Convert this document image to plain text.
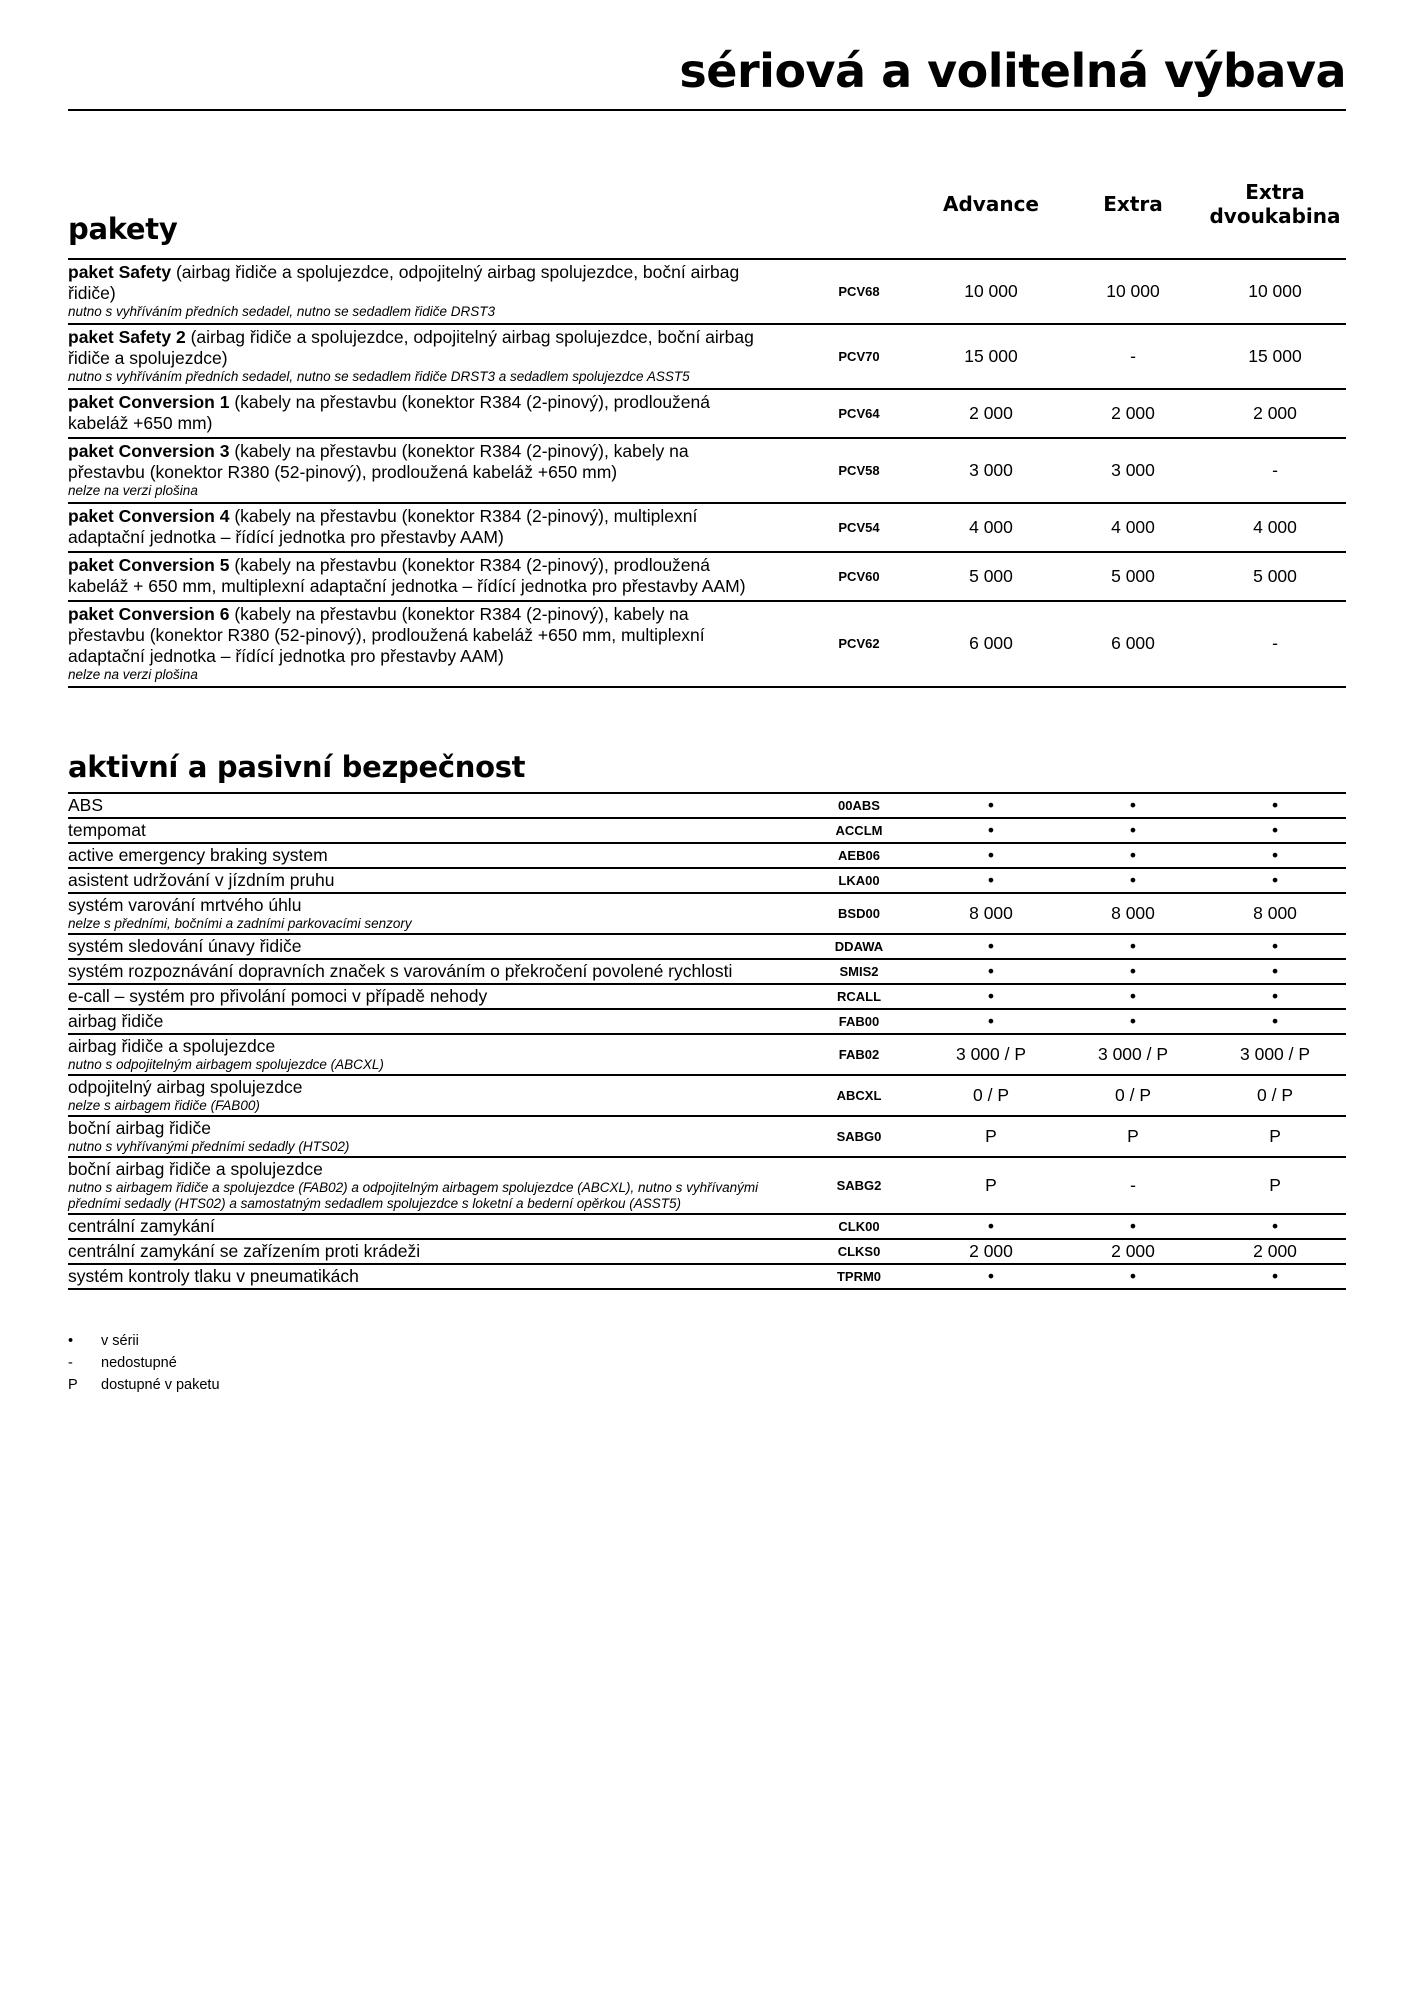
sériová a volitelná výbava
pakety		Advance	Extra	Extra
dvoukabina
paket Safety (airbag řidiče a spolujezdce, odpojitelný airbag spolujezdce, boční airbag řidiče)
nutno s vyhříváním předních sedadel, nutno se sedadlem řidiče DRST3	PCV68	10 000	10 000	10 000
paket Safety 2 (airbag řidiče a spolujezdce, odpojitelný airbag spolujezdce, boční airbag řidiče a spolujezdce)
nutno s vyhříváním předních sedadel, nutno se sedadlem řidiče DRST3 a sedadlem spolujezdce ASST5	PCV70	15 000	-	15 000
paket Conversion 1 (kabely na přestavbu (konektor R384 (2-pinový), prodloužená kabeláž +650 mm)	PCV64	2 000	2 000	2 000
paket Conversion 3 (kabely na přestavbu (konektor R384 (2-pinový), kabely na přestavbu (konektor R380 (52-pinový), prodloužená kabeláž +650 mm)
nelze na verzi plošina	PCV58	3 000	3 000	-
paket Conversion 4 (kabely na přestavbu (konektor R384 (2-pinový), multiplexní adaptační jednotka – řídící jednotka pro přestavby AAM)	PCV54	4 000	4 000	4 000
paket Conversion 5 (kabely na přestavbu (konektor R384 (2-pinový), prodloužená kabeláž + 650 mm, multiplexní adaptační jednotka – řídící jednotka pro přestavby AAM)	PCV60	5 000	5 000	5 000
paket Conversion 6 (kabely na přestavbu (konektor R384 (2-pinový), kabely na přestavbu (konektor R380 (52-pinový), prodloužená kabeláž +650 mm, multiplexní adaptační jednotka – řídící jednotka pro přestavby AAM)
nelze na verzi plošina	PCV62	6 000	6 000	-
aktivní a pasivní bezpečnost				
ABS	00ABS	•	•	•
tempomat	ACCLM	•	•	•
active emergency braking system	AEB06	•	•	•
asistent udržování v jízdním pruhu	LKA00	•	•	•
systém varování mrtvého úhlu
nelze s předními, bočními a zadními parkovacími senzory	BSD00	8 000	8 000	8 000
systém sledování únavy řidiče	DDAWA	•	•	•
systém rozpoznávání dopravních značek s varováním o překročení povolené rychlosti	SMIS2	•	•	•
e-call – systém pro přivolání pomoci v případě nehody	RCALL	•	•	•
airbag řidiče	FAB00	•	•	•
airbag řidiče a spolujezdce
nutno s odpojitelným airbagem spolujezdce (ABCXL)	FAB02	3 000 / P	3 000 / P	3 000 / P
odpojitelný airbag spolujezdce
nelze s airbagem řidiče (FAB00)	ABCXL	0 / P	0 / P	0 / P
boční airbag řidiče
nutno s vyhřívanými předními sedadly (HTS02)	SABG0	P	P	P
boční airbag řidiče a spolujezdce
nutno s airbagem řidiče a spolujezdce (FAB02) a odpojitelným airbagem spolujezdce (ABCXL), nutno s vyhřívanými předními sedadly (HTS02) a samostatným sedadlem spolujezdce s loketní a bederní opěrkou (ASST5)	SABG2	P	-	P
centrální zamykání	CLK00	•	•	•
centrální zamykání se zařízením proti krádeži	CLKS0	2 000	2 000	2 000
systém kontroly tlaku v pneumatikách	TPRM0	•	•	•
•	v sérii
-	nedostupné
P	dostupné v paketu
